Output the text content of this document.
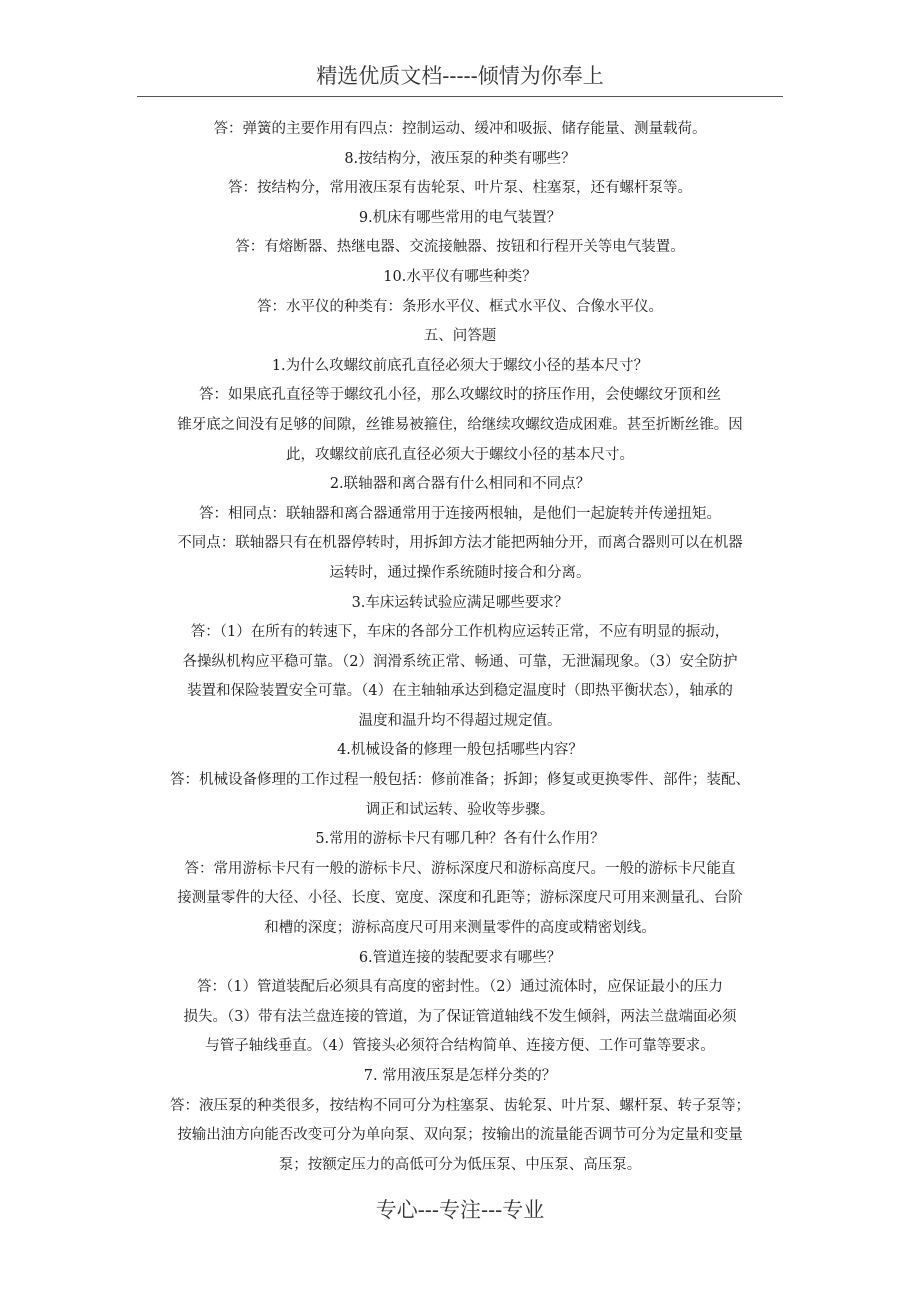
精选优质文档-----倾情为你奉上
答：弹簧的主要作用有四点：控制运动、缓冲和吸振、储存能量、测量载荷。
8.按结构分，液压泵的种类有哪些？
答：按结构分，常用液压泵有齿轮泵、叶片泵、柱塞泵，还有螺杆泵等。
9.机床有哪些常用的电气装置？
答：有熔断器、热继电器、交流接触器、按钮和行程开关等电气装置。
10.水平仪有哪些种类？
答：水平仪的种类有：条形水平仪、框式水平仪、合像水平仪。
五、问答题
1.为什么攻螺纹前底孔直径必须大于螺纹小径的基本尺寸？
答：如果底孔直径等于螺纹孔小径，那么攻螺纹时的挤压作用，会使螺纹牙顶和丝
锥牙底之间没有足够的间隙，丝锥易被箍住，给继续攻螺纹造成困难。甚至折断丝锥。因
此，攻螺纹前底孔直径必须大于螺纹小径的基本尺寸。
2.联轴器和离合器有什么相同和不同点？
答：相同点：联轴器和离合器通常用于连接两根轴，是他们一起旋转并传递扭矩。
不同点：联轴器只有在机器停转时，用拆卸方法才能把两轴分开，而离合器则可以在机器
运转时，通过操作系统随时接合和分离。
3.车床运转试验应满足哪些要求？
答：（1）在所有的转速下，车床的各部分工作机构应运转正常，不应有明显的振动，
各操纵机构应平稳可靠。（2）润滑系统正常、畅通、可靠，无泄漏现象。（3）安全防护
装置和保险装置安全可靠。（4）在主轴轴承达到稳定温度时（即热平衡状态），轴承的
温度和温升均不得超过规定值。
4.机械设备的修理一般包括哪些内容？
答：机械设备修理的工作过程一般包括：修前准备；拆卸；修复或更换零件、部件；装配、
调正和试运转、验收等步骤。
5.常用的游标卡尺有哪几种？各有什么作用？
答：常用游标卡尺有一般的游标卡尺、游标深度尺和游标高度尺。一般的游标卡尺能直
接测量零件的大径、小径、长度、宽度、深度和孔距等；游标深度尺可用来测量孔、台阶
和槽的深度；游标高度尺可用来测量零件的高度或精密划线。
6.管道连接的装配要求有哪些？
答：（1）管道装配后必须具有高度的密封性。（2）通过流体时，应保证最小的压力
损失。（3）带有法兰盘连接的管道，为了保证管道轴线不发生倾斜，两法兰盘端面必须
与管子轴线垂直。（4）管接头必须符合结构简单、连接方便、工作可靠等要求。
7. 常用液压泵是怎样分类的？
答：液压泵的种类很多，按结构不同可分为柱塞泵、齿轮泵、叶片泵、螺杆泵、转子泵等；
按输出油方向能否改变可分为单向泵、双向泵；按输出的流量能否调节可分为定量和变量
泵；按额定压力的高低可分为低压泵、中压泵、高压泵。
专心---专注---专业
